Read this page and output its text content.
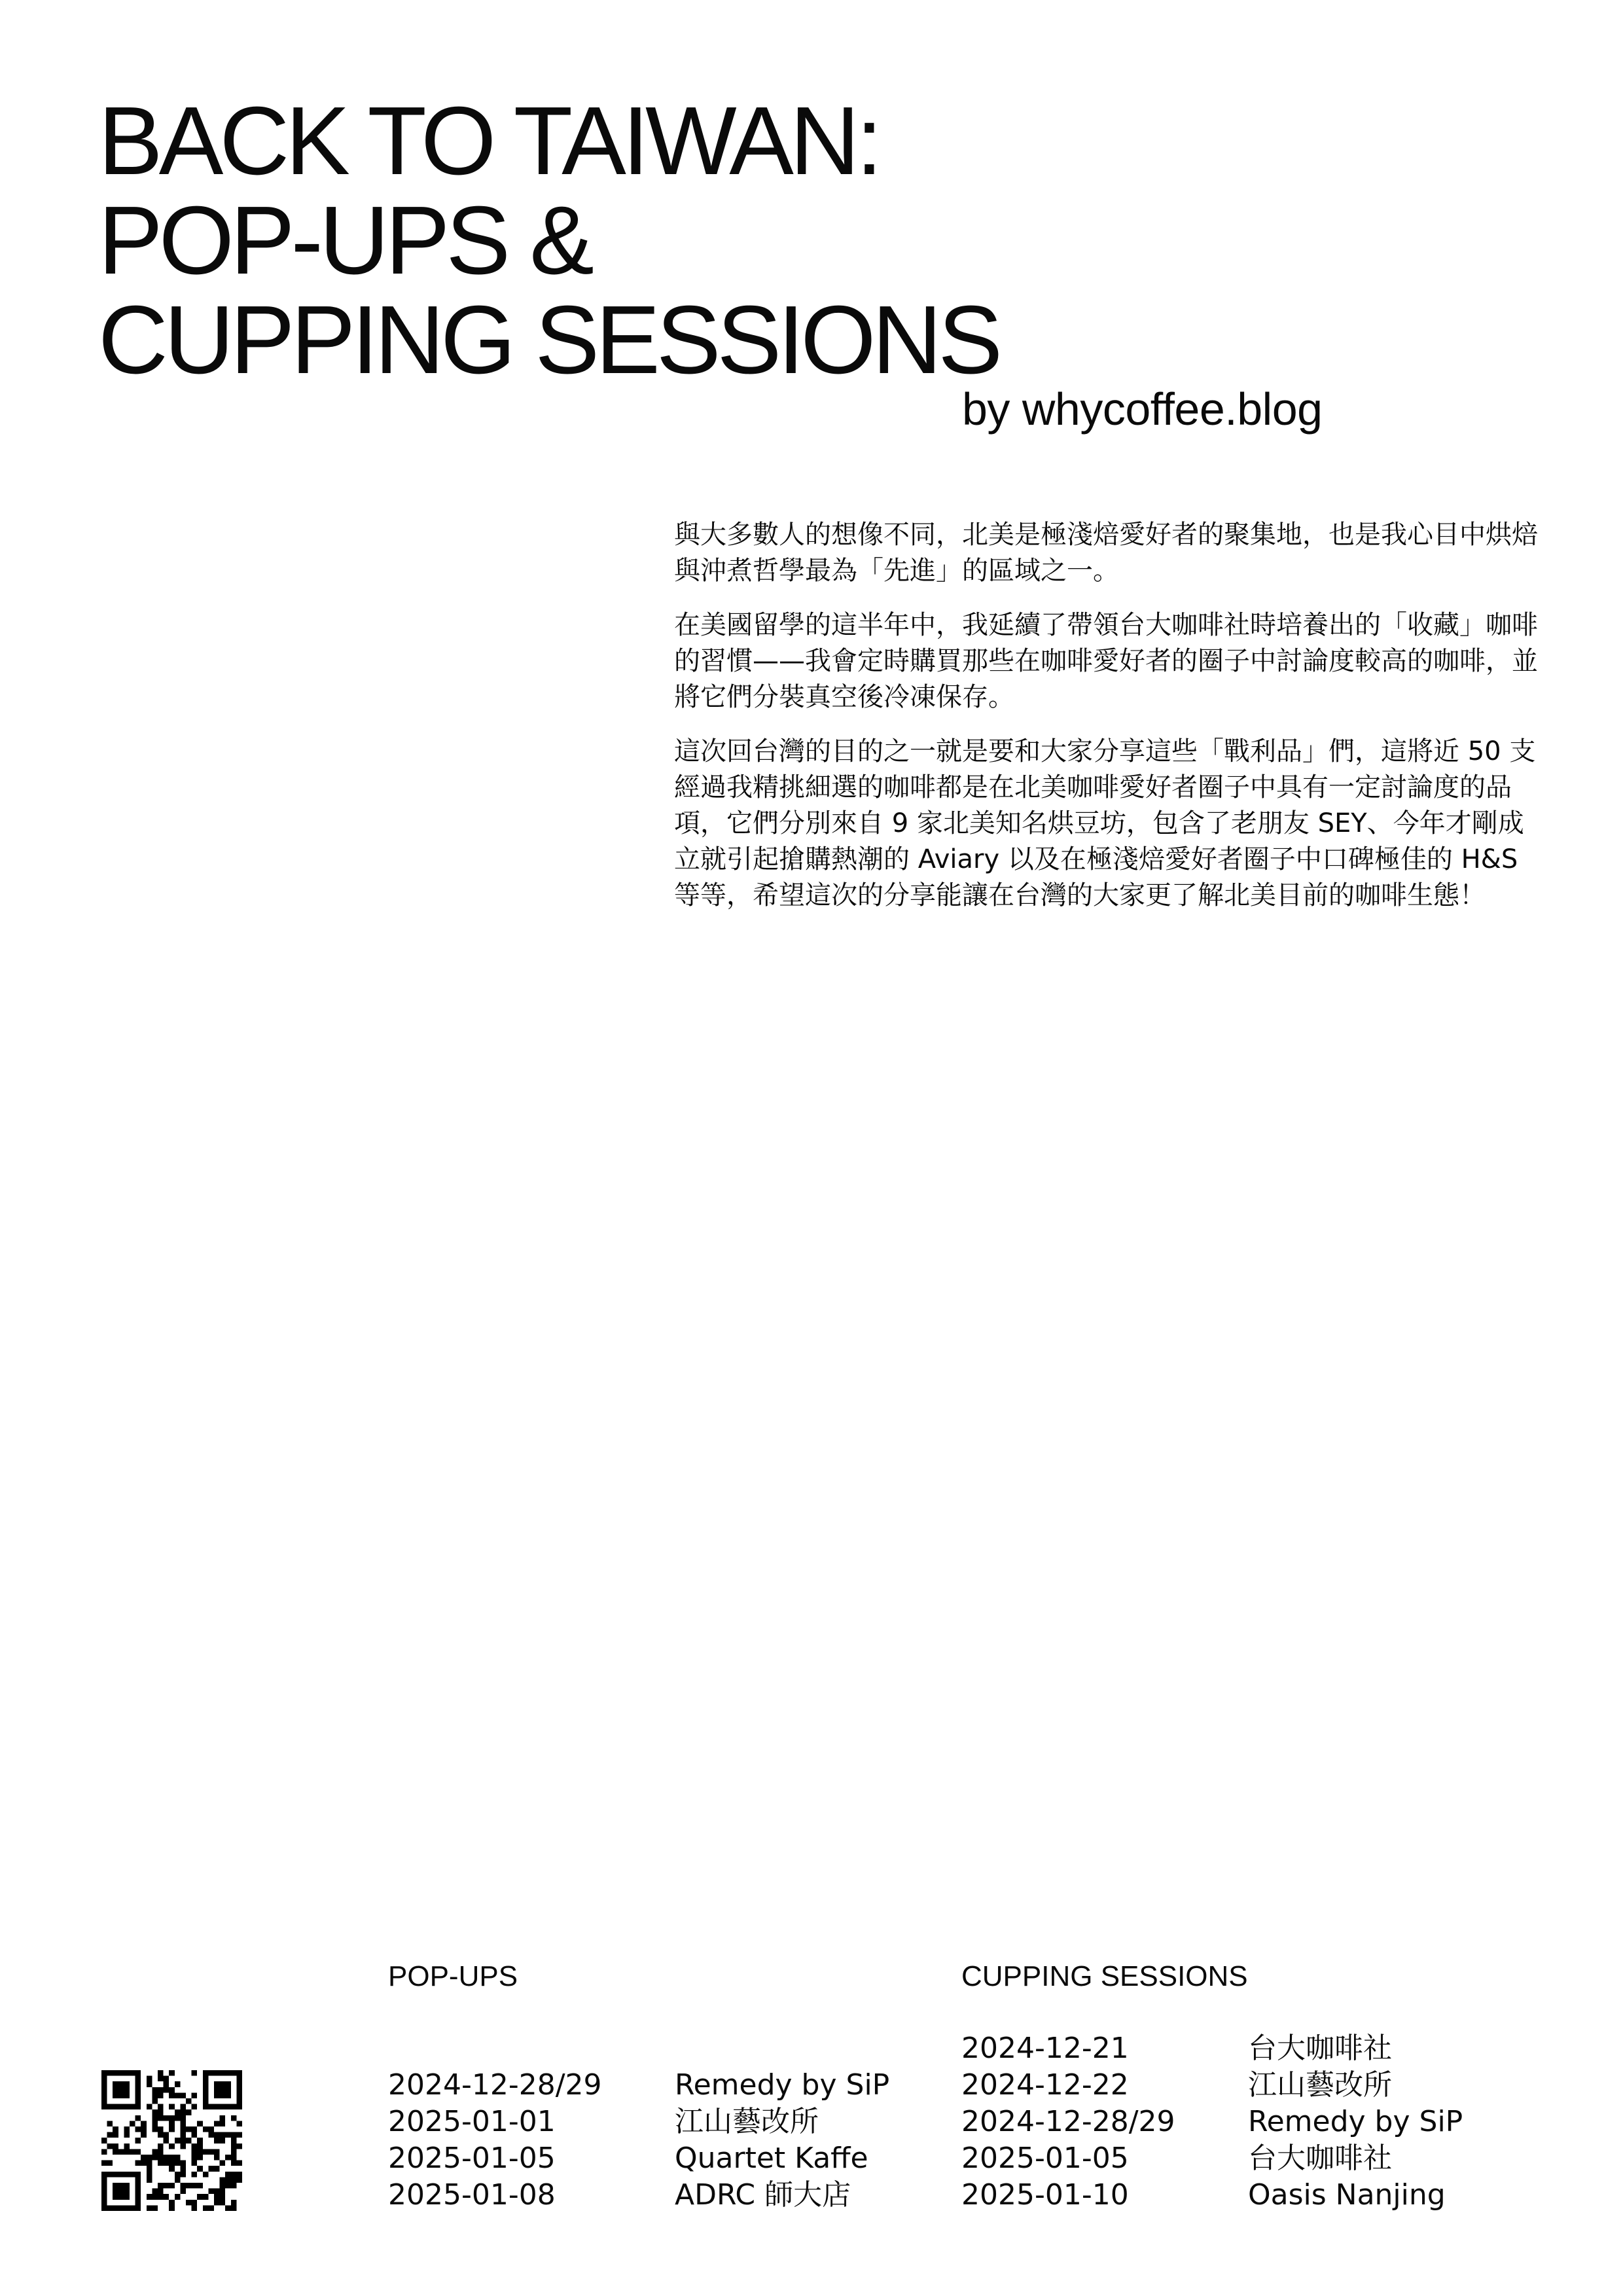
BACK TO TAIWAN:
POP-UPS &
CUPPING SESSIONS
by whycoffee.blog

與大多數人的想像不同，北美是極淺焙愛好者的聚集地，也是我心目中烘焙與沖煮哲學最為「先進」的區域之一。

在美國留學的這半年中，我延續了帶領台大咖啡社時培養出的「收藏」咖啡的習慣——我會定時購買那些在咖啡愛好者的圈子中討論度較高的咖啡，並將它們分裝真空後冷凍保存。

這次回台灣的目的之一就是要和大家分享這些「戰利品」們，這將近 50 支經過我精挑細選的咖啡都是在北美咖啡愛好者圈子中具有一定討論度的品項，它們分別來自 9 家北美知名烘豆坊，包含了老朋友 SEY、今年才剛成立就引起搶購熱潮的 Aviary 以及在極淺焙愛好者圈子中口碑極佳的 H&S 等等，希望這次的分享能讓在台灣的大家更了解北美目前的咖啡生態！

POP-UPS	CUPPING SESSIONS
2024-12-28/29	Remedy by SiP
2025-01-01	江山藝改所
2025-01-05	Quartet Kaffe
2025-01-08	ADRC 師大店
2024-12-21	台大咖啡社
2024-12-22	江山藝改所
2024-12-28/29	Remedy by SiP
2025-01-05	台大咖啡社
2025-01-10	Oasis Nanjing
